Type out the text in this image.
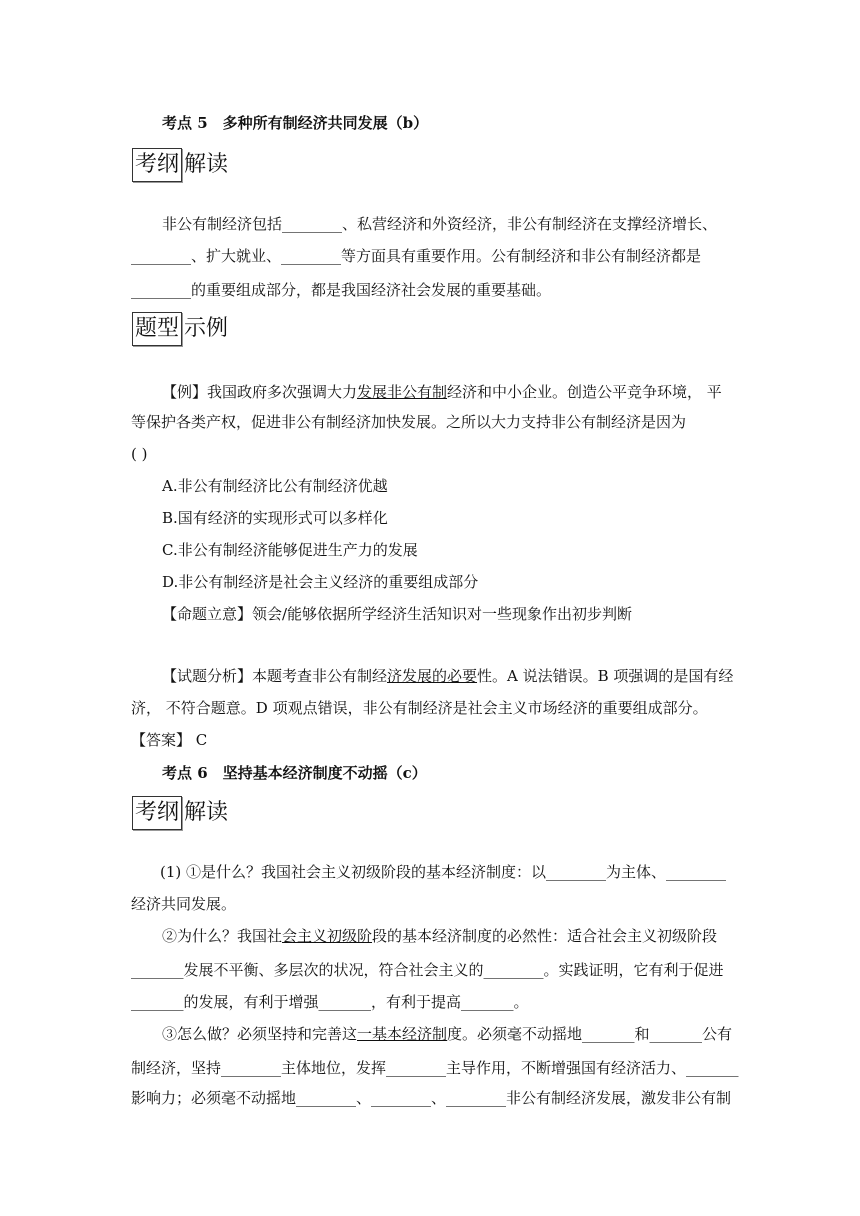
考点 5　多种所有制经济共同发展（b）
考纲 解读
非公有制经济包括________、私营经济和外资经济，非公有制经济在支撑经济增长、
________、扩大就业、________等方面具有重要作用。公有制经济和非公有制经济都是
________的重要组成部分，都是我国经济社会发展的重要基础。
题型 示例
【例】我国政府多次强调大力发展非公有制经济和中小企业。创造公平竞争环境， 平
等保护各类产权，促进非公有制经济加快发展。之所以大力支持非公有制经济是因为
( )
A.非公有制经济比公有制经济优越
B.国有经济的实现形式可以多样化
C.非公有制经济能够促进生产力的发展
D.非公有制经济是社会主义经济的重要组成部分
【命题立意】领会/能够依据所学经济生活知识对一些现象作出初步判断
【试题分析】本题考查非公有制经济发展的必要性。A 说法错误。B 项强调的是国有经
济， 不符合题意。D 项观点错误，非公有制经济是社会主义市场经济的重要组成部分。
【答案】 C
考点 6　坚持基本经济制度不动摇（c）
考纲 解读
(1) ①是什么？我国社会主义初级阶段的基本经济制度：以________为主体、________
经济共同发展。
②为什么？我国社会主义初级阶段的基本经济制度的必然性：适合社会主义初级阶段
_______发展不平衡、多层次的状况，符合社会主义的________。实践证明，它有利于促进
_______的发展，有利于增强_______，有利于提高_______。
③怎么做？必须坚持和完善这一基本经济制度。必须毫不动摇地_______和_______公有
制经济，坚持________主体地位，发挥________主导作用，不断增强国有经济活力、_______
影响力；必须毫不动摇地________、________、________非公有制经济发展，激发非公有制
